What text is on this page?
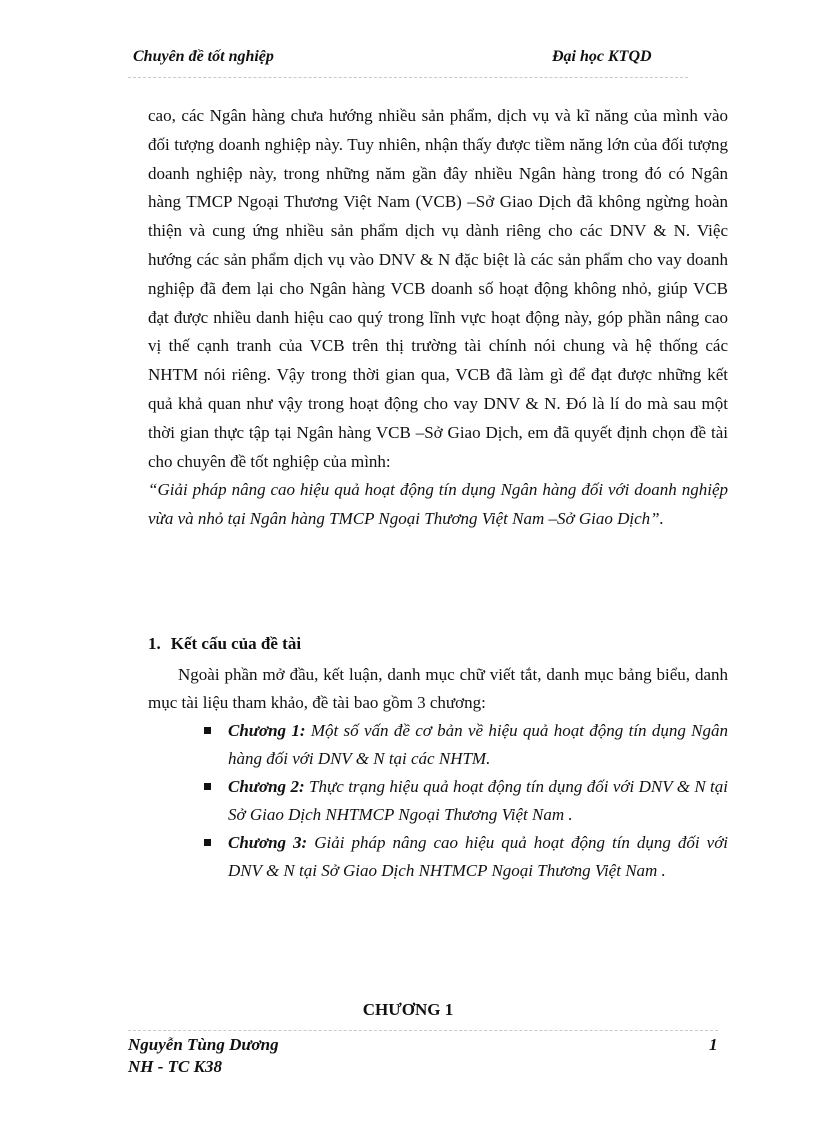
Chuyên đề tốt nghiệp	Đại học KTQD

cao, các Ngân hàng chưa hướng nhiều sản phẩm, dịch vụ và kĩ năng của mình vào đối tượng doanh nghiệp này. Tuy nhiên, nhận thấy được tiềm năng lớn của đối tượng doanh nghiệp này, trong những năm gần đây nhiều Ngân hàng trong đó có Ngân hàng TMCP Ngoại Thương Việt Nam (VCB) –Sở Giao Dịch đã không ngừng hoàn thiện và cung ứng nhiều sản phẩm dịch vụ dành riêng cho các DNV & N. Việc hướng các sản phẩm dịch vụ vào DNV & N đặc biệt là các sản phẩm cho vay doanh nghiệp đã đem lại cho Ngân hàng VCB doanh số hoạt động không nhỏ, giúp VCB đạt được nhiều danh hiệu cao quý trong lĩnh vực hoạt động này, góp phần nâng cao vị thế cạnh tranh của VCB trên thị trường tài chính nói chung và hệ thống các NHTM nói riêng. Vậy trong thời gian qua, VCB đã làm gì để đạt được những kết quả khả quan như vậy trong hoạt động cho vay DNV & N. Đó là lí do mà sau một thời gian thực tập tại Ngân hàng VCB –Sở Giao Dịch, em đã quyết định chọn đề tài cho chuyên đề tốt nghiệp của mình:

“Giải pháp nâng cao hiệu quả hoạt động tín dụng Ngân hàng đối với doanh nghiệp vừa và nhỏ tại Ngân hàng TMCP Ngoại Thương Việt Nam –Sở Giao Dịch”.

1. Kết cấu của đề tài

Ngoài phần mở đầu, kết luận, danh mục chữ viết tắt, danh mục bảng biểu, danh mục tài liệu tham khảo, đề tài bao gồm 3 chương:

Chương 1: Một số vấn đề cơ bản về hiệu quả hoạt động tín dụng Ngân hàng đối với DNV & N tại các NHTM.
Chương 2: Thực trạng hiệu quả hoạt động tín dụng đối với DNV & N tại Sở Giao Dịch NHTMCP Ngoại Thương Việt Nam .
Chương 3: Giải pháp nâng cao hiệu quả hoạt động tín dụng đối với DNV & N tại Sở Giao Dịch NHTMCP Ngoại Thương Việt Nam .
CHƯƠNG 1
Nguyễn Tùng Dương
NH - TC K38
1
